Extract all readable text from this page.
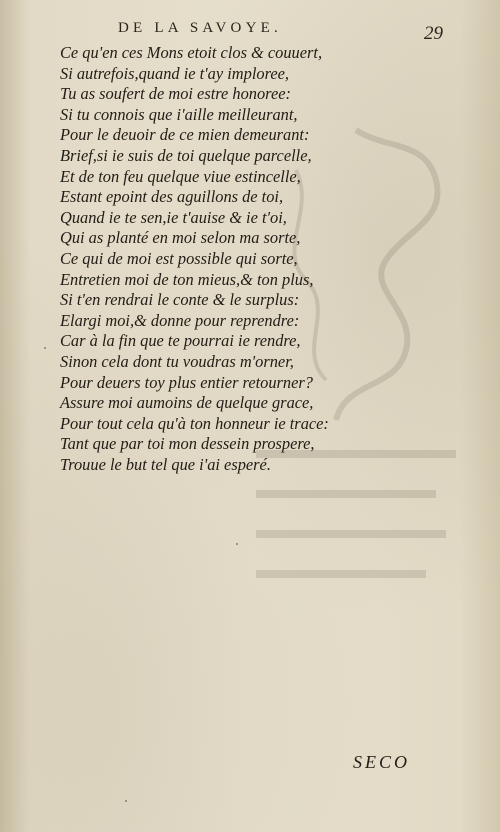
DE LA SAVOYE.	29
Ce qu'en ces Mons etoit clos & couuert,
Si autrefois,quand ie t'ay imploree,
Tu as soufert de moi estre honoree:
Si tu connois que i'aille meilleurant,
Pour le deuoir de ce mien demeurant:
Brief,si ie suis de toi quelque parcelle,
Et de ton feu quelque viue estincelle,
Estant epoint des aguillons de toi,
Quand ie te sen,ie t'auise & ie t'oi,
Qui as planté en moi selon ma sorte,
Ce qui de moi est possible qui sorte,
Entretien moi de ton mieus,& ton plus,
Si t'en rendrai le conte & le surplus:
Elargi moi,& donne pour reprendre:
Car à la fin que te pourrai ie rendre,
Sinon cela dont tu voudras m'orner,
Pour deuers toy plus entier retourner?
Assure moi aumoins de quelque grace,
Pour tout cela qu'à ton honneur ie trace:
Tant que par toi mon dessein prospere,
Trouue le but tel que i'ai esperé.
SECO
